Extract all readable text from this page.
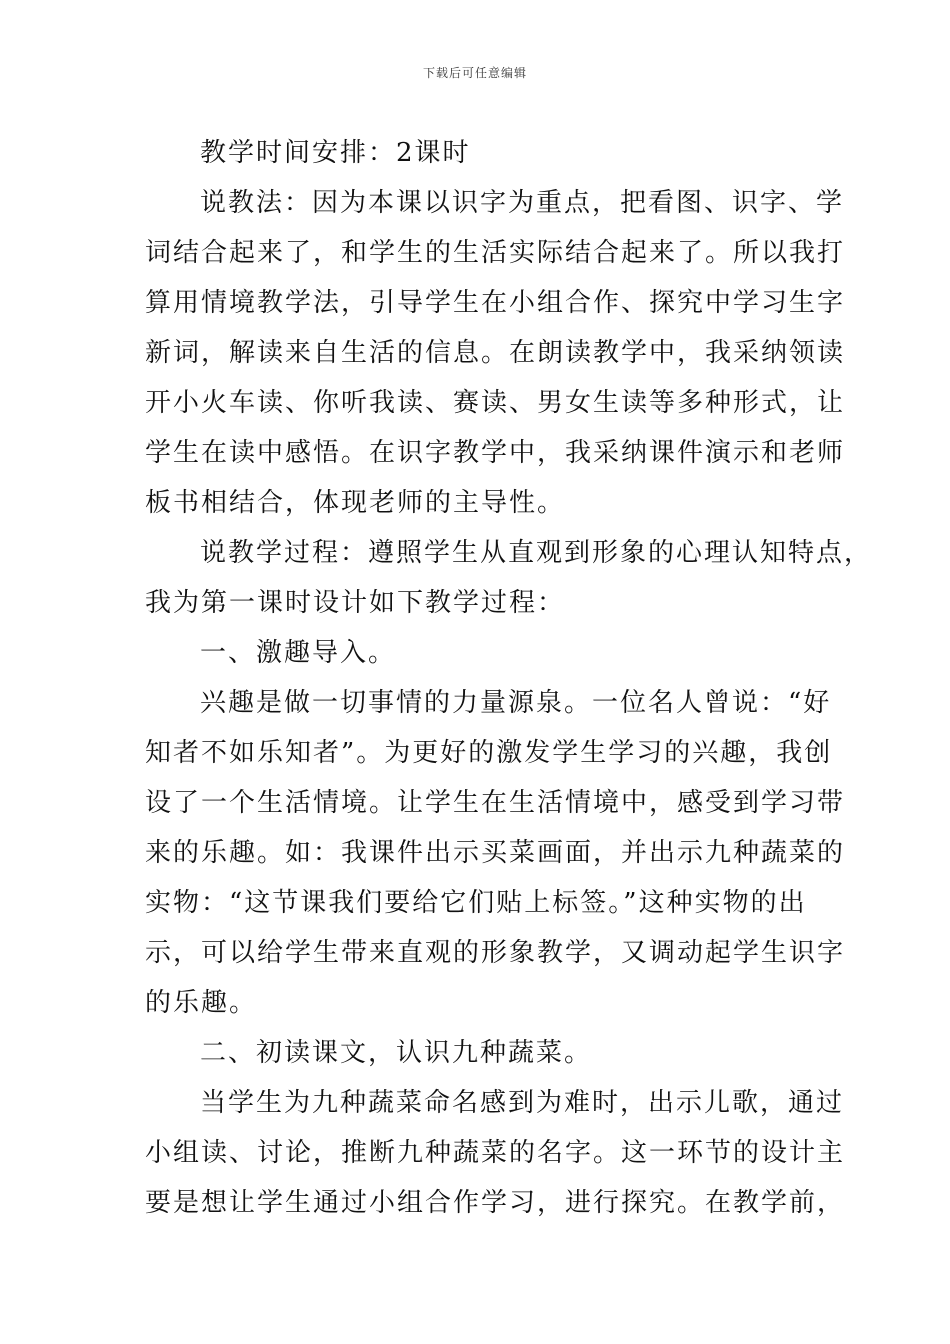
下载后可任意编辑
教学时间安排：2课时
说教法：因为本课以识字为重点，把看图、识字、学
词结合起来了，和学生的生活实际结合起来了。所以我打
算用情境教学法，引导学生在小组合作、探究中学习生字
新词，解读来自生活的信息。在朗读教学中，我采纳领读
开小火车读、你听我读、赛读、男女生读等多种形式，让
学生在读中感悟。在识字教学中，我采纳课件演示和老师
板书相结合，体现老师的主导性。
说教学过程：遵照学生从直观到形象的心理认知特点，
我为第一课时设计如下教学过程：
一、激趣导入。
兴趣是做一切事情的力量源泉。一位名人曾说：“好
知者不如乐知者”。为更好的激发学生学习的兴趣，我创
设了一个生活情境。让学生在生活情境中，感受到学习带
来的乐趣。如：我课件出示买菜画面，并出示九种蔬菜的
实物：“这节课我们要给它们贴上标签。”这种实物的出
示，可以给学生带来直观的形象教学，又调动起学生识字
的乐趣。
二、初读课文，认识九种蔬菜。
当学生为九种蔬菜命名感到为难时，出示儿歌，通过
小组读、讨论，推断九种蔬菜的名字。这一环节的设计主
要是想让学生通过小组合作学习，进行探究。在教学前，
